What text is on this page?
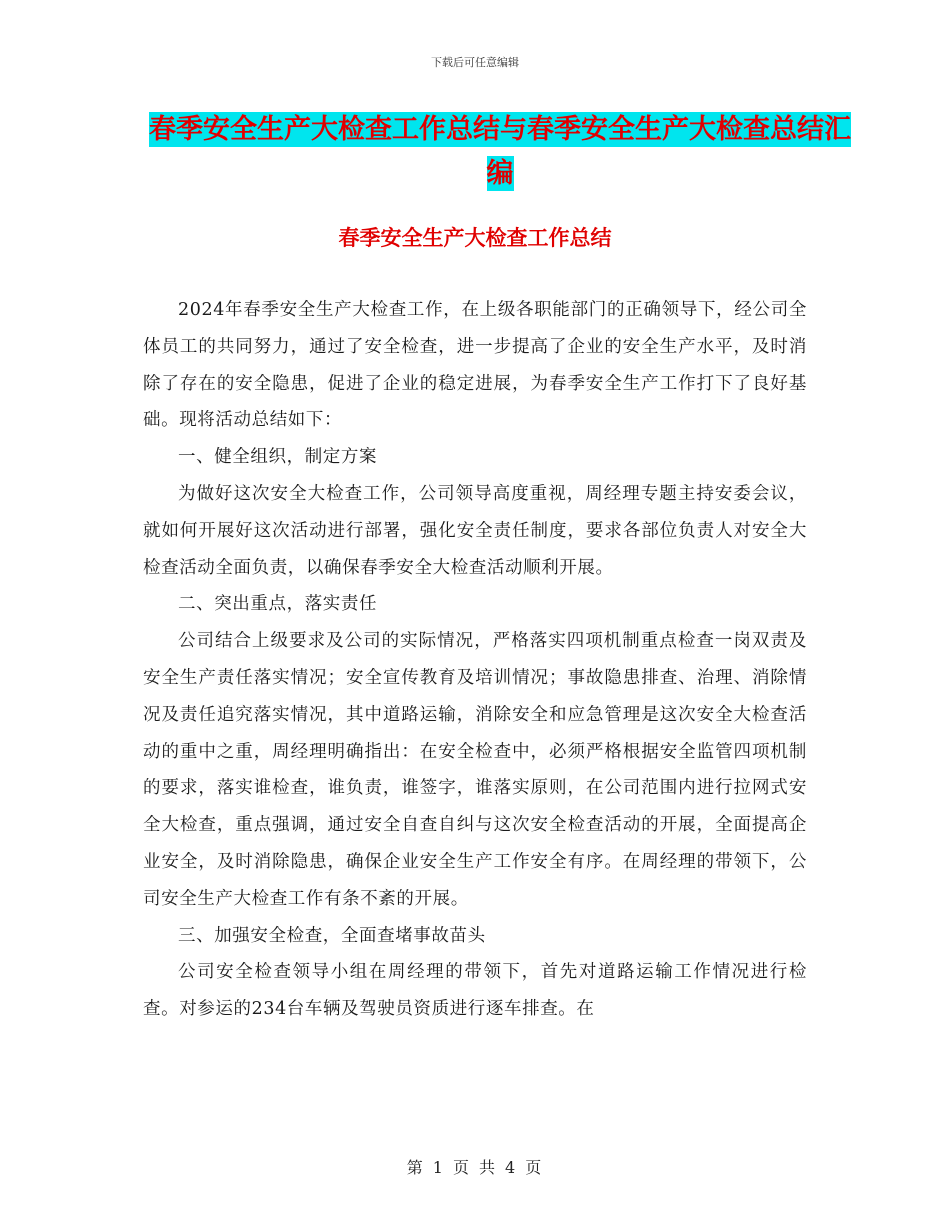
下载后可任意编辑
春季安全生产大检查工作总结与春季安全生产大检查总结汇编
春季安全生产大检查工作总结

2024年春季安全生产大检查工作，在上级各职能部门的正确领导下，经公司全体员工的共同努力，通过了安全检查，进一步提高了企业的安全生产水平，及时消除了存在的安全隐患，促进了企业的稳定进展，为春季安全生产工作打下了良好基础。现将活动总结如下：

一、健全组织，制定方案

为做好这次安全大检查工作，公司领导高度重视，周经理专题主持安委会议，就如何开展好这次活动进行部署，强化安全责任制度，要求各部位负责人对安全大检查活动全面负责，以确保春季安全大检查活动顺利开展。

二、突出重点，落实责任

公司结合上级要求及公司的实际情况，严格落实四项机制重点检查一岗双责及安全生产责任落实情况；安全宣传教育及培训情况；事故隐患排查、治理、消除情况及责任追究落实情况，其中道路运输，消除安全和应急管理是这次安全大检查活动的重中之重，周经理明确指出：在安全检查中，必须严格根据安全监管四项机制的要求，落实谁检查，谁负责，谁签字，谁落实原则，在公司范围内进行拉网式安全大检查，重点强调，通过安全自查自纠与这次安全检查活动的开展，全面提高企业安全，及时消除隐患，确保企业安全生产工作安全有序。在周经理的带领下，公司安全生产大检查工作有条不紊的开展。

三、加强安全检查，全面查堵事故苗头

公司安全检查领导小组在周经理的带领下，首先对道路运输工作情况进行检查。对参运的234台车辆及驾驶员资质进行逐车排查。在

第 1 页 共 4 页
